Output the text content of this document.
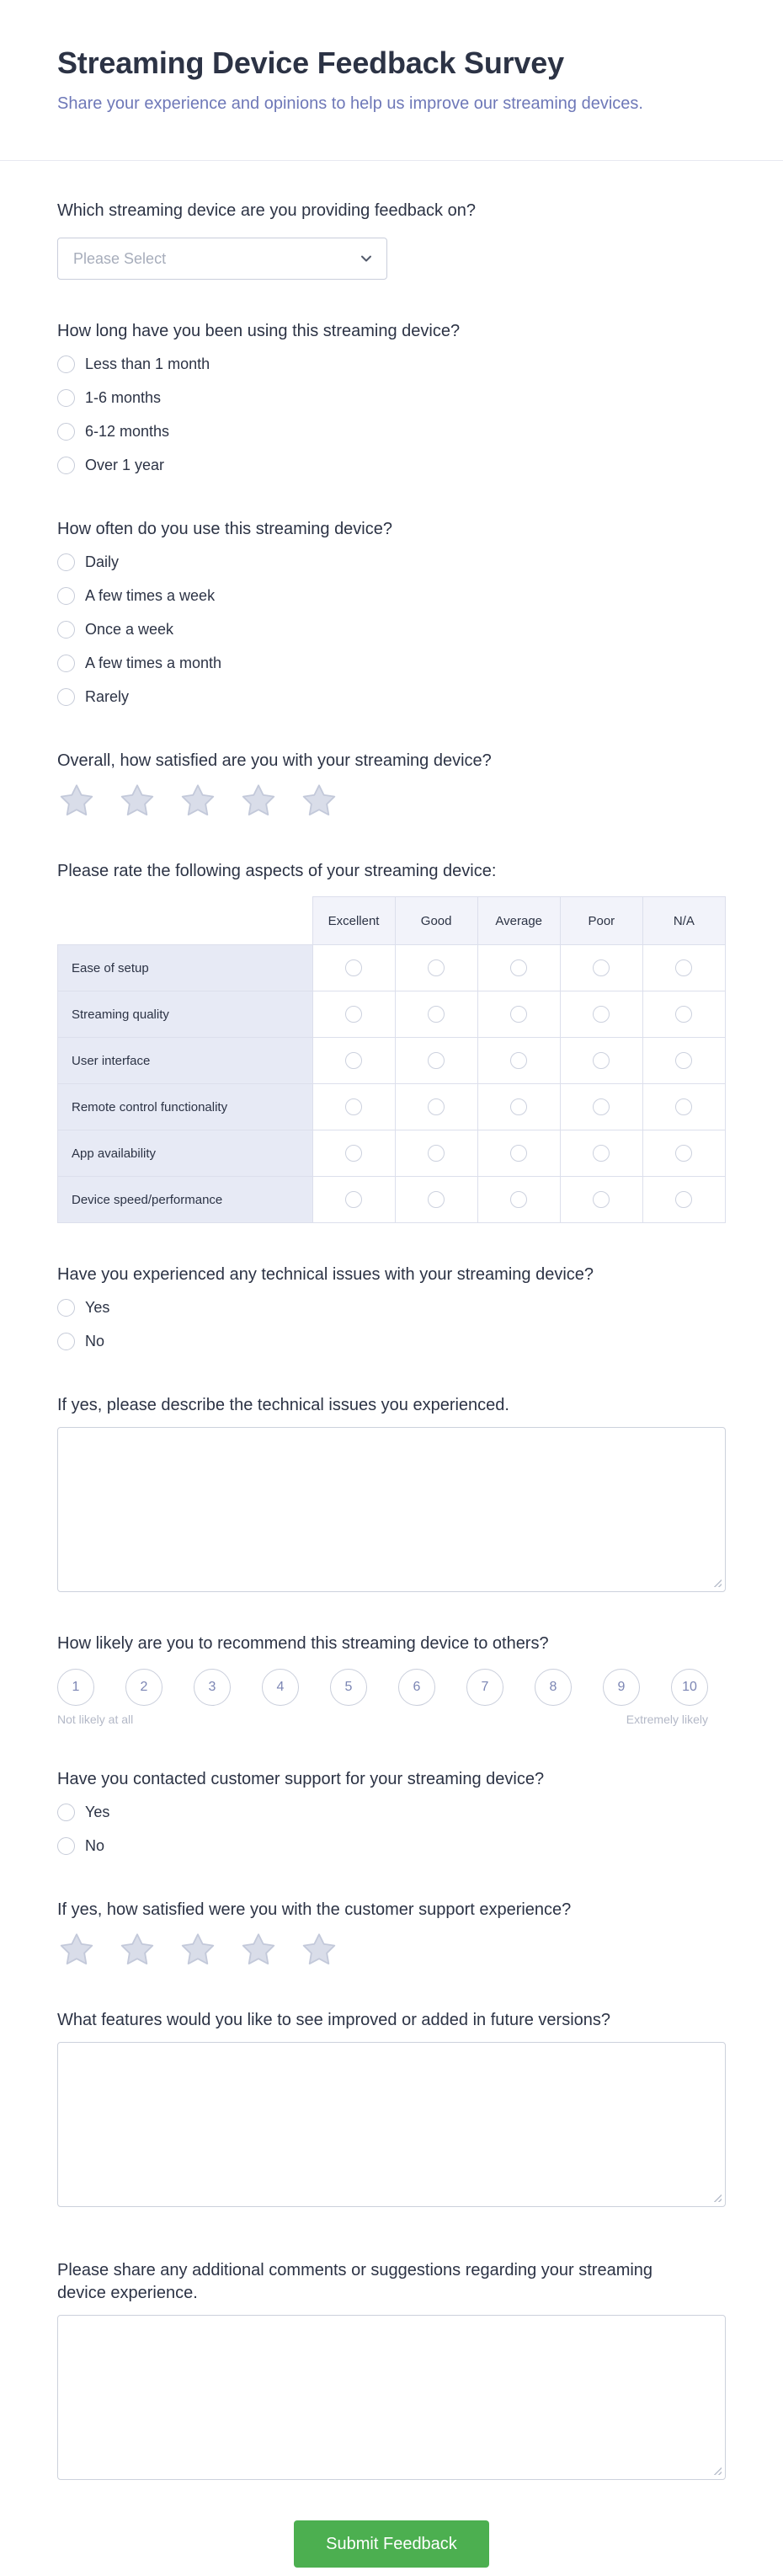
Streaming Device Feedback Survey

Share your experience and opinions to help us improve our streaming devices.

Which streaming device are you providing feedback on?
Please Select
How long have you been using this streaming device?
Less than 1 month
1-6 months
6-12 months
Over 1 year
How often do you use this streaming device?
Daily
A few times a week
Once a week
A few times a month
Rarely
Overall, how satisfied are you with your streaming device?
Please rate the following aspects of your streaming device:
	Excellent	Good	Average	Poor	N/A
Ease of setup					
Streaming quality					
User interface					
Remote control functionality					
App availability					
Device speed/performance					
Have you experienced any technical issues with your streaming device?
Yes
No
If yes, please describe the technical issues you experienced.
How likely are you to recommend this streaming device to others?
1	2	3	4	5	6	7	8	9	10
Not likely at all	Extremely likely
Have you contacted customer support for your streaming device?
Yes
No
If yes, how satisfied were you with the customer support experience?
What features would you like to see improved or added in future versions?
Please share any additional comments or suggestions regarding your streaming device experience.
Submit Feedback
